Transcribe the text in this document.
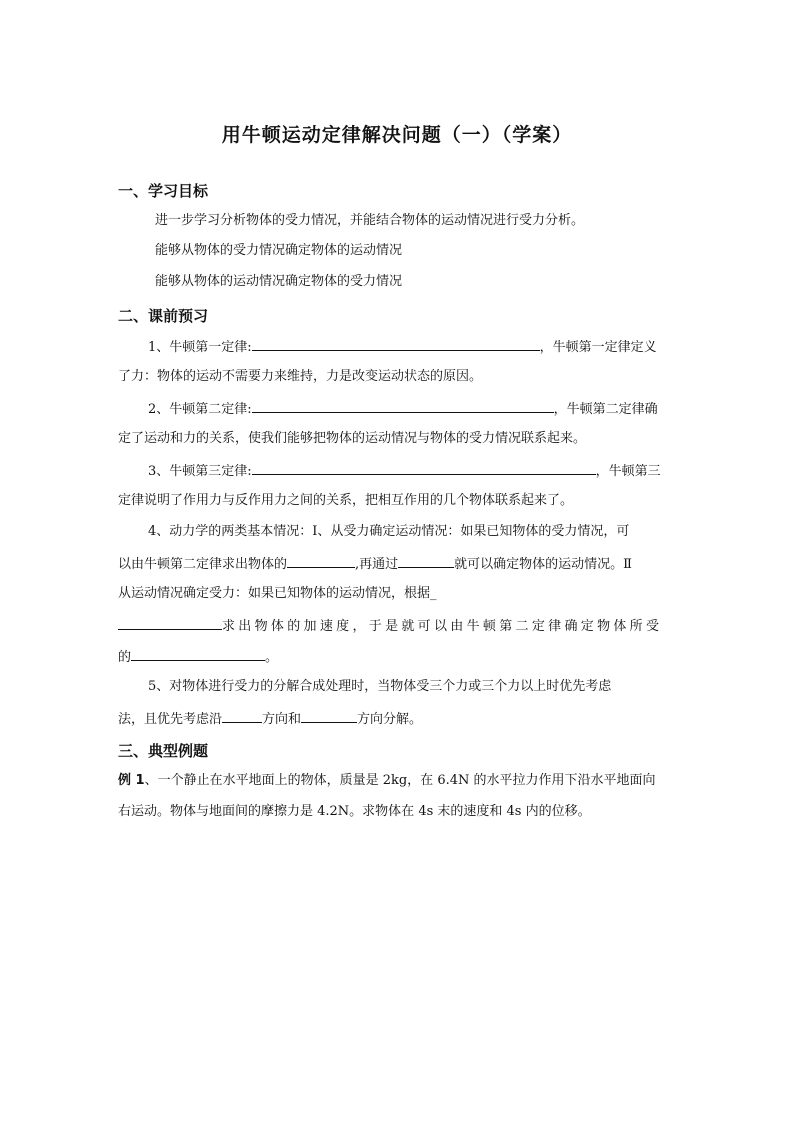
用牛顿运动定律解决问题（一）（学案）
一、学习目标
进一步学习分析物体的受力情况，并能结合物体的运动情况进行受力分析。
能够从物体的受力情况确定物体的运动情况
能够从物体的运动情况确定物体的受力情况
二、课前预习
1、牛顿第一定律:	，牛顿第一定律定义
了力：物体的运动不需要力来维持，力是改变运动状态的原因。
2、牛顿第二定律:	，牛顿第二定律确
定了运动和力的关系，使我们能够把物体的运动情况与物体的受力情况联系起来。
3、牛顿第三定律:	，牛顿第三
定律说明了作用力与反作用力之间的关系，把相互作用的几个物体联系起来了。
4、动力学的两类基本情况：Ⅰ、从受力确定运动情况：如果已知物体的受力情况，可
以由牛顿第二定律求出物体的	,再通过	就可以确定物体的运动情况。Ⅱ
从运动情况确定受力：如果已知物体的运动情况，根据_
求出物体的加速度，于是就可以由牛顿第二定律确定物体所受
的	。
5、对物体进行受力的分解合成处理时，当物体受三个力或三个力以上时优先考虑
法，且优先考虑沿	方向和	方向分解。
三、典型例题
例 1、一个静止在水平地面上的物体，质量是 2kg，在 6.4N 的水平拉力作用下沿水平地面向
右运动。物体与地面间的摩擦力是 4.2N。求物体在 4s 末的速度和 4s 内的位移。
